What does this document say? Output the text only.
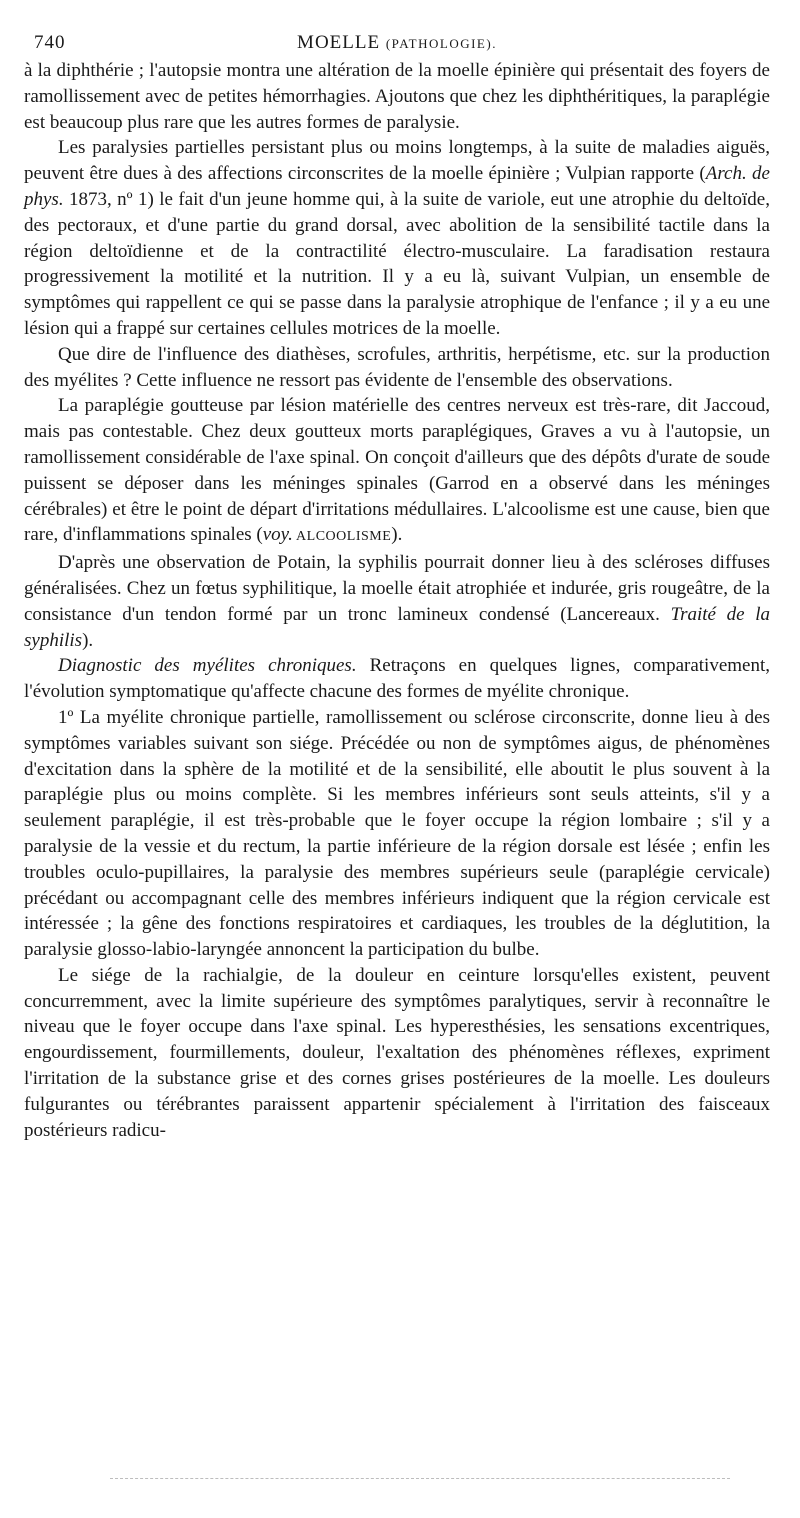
740	MOELLE (PATHOLOGIE).

à la diphthérie ; l'autopsie montra une altération de la moelle épinière qui présentait des foyers de ramollissement avec de petites hémorrhagies. Ajoutons que chez les diphthéritiques, la paraplégie est beaucoup plus rare que les autres formes de paralysie.

Les paralysies partielles persistant plus ou moins longtemps, à la suite de maladies aiguës, peuvent être dues à des affections circonscrites de la moelle épinière ; Vulpian rapporte (Arch. de phys. 1873, nº 1) le fait d'un jeune homme qui, à la suite de variole, eut une atrophie du deltoïde, des pectoraux, et d'une partie du grand dorsal, avec abolition de la sensibilité tactile dans la région deltoïdienne et de la contractilité électro-musculaire. La faradisation restaura progressivement la motilité et la nutrition. Il y a eu là, suivant Vulpian, un ensemble de symptômes qui rappellent ce qui se passe dans la paralysie atrophique de l'enfance ; il y a eu une lésion qui a frappé sur certaines cellules motrices de la moelle.

Que dire de l'influence des diathèses, scrofules, arthritis, herpétisme, etc. sur la production des myélites ? Cette influence ne ressort pas évidente de l'ensemble des observations.

La paraplégie goutteuse par lésion matérielle des centres nerveux est très-rare, dit Jaccoud, mais pas contestable. Chez deux goutteux morts paraplégiques, Graves a vu à l'autopsie, un ramollissement considérable de l'axe spinal. On conçoit d'ailleurs que des dépôts d'urate de soude puissent se déposer dans les méninges spinales (Garrod en a observé dans les méninges cérébrales) et être le point de départ d'irritations médullaires. L'alcoolisme est une cause, bien que rare, d'inflammations spinales (voy. ALCOOLISME).

D'après une observation de Potain, la syphilis pourrait donner lieu à des scléroses diffuses généralisées. Chez un fœtus syphilitique, la moelle était atrophiée et indurée, gris rougeâtre, de la consistance d'un tendon formé par un tronc lamineux condensé (Lancereaux. Traité de la syphilis).

Diagnostic des myélites chroniques. Retraçons en quelques lignes, comparativement, l'évolution symptomatique qu'affecte chacune des formes de myélite chronique.

1º La myélite chronique partielle, ramollissement ou sclérose circonscrite, donne lieu à des symptômes variables suivant son siége. Précédée ou non de symptômes aigus, de phénomènes d'excitation dans la sphère de la motilité et de la sensibilité, elle aboutit le plus souvent à la paraplégie plus ou moins complète. Si les membres inférieurs sont seuls atteints, s'il y a seulement paraplégie, il est très-probable que le foyer occupe la région lombaire ; s'il y a paralysie de la vessie et du rectum, la partie inférieure de la région dorsale est lésée ; enfin les troubles oculo-pupillaires, la paralysie des membres supérieurs seule (paraplégie cervicale) précédant ou accompagnant celle des membres inférieurs indiquent que la région cervicale est intéressée ; la gêne des fonctions respiratoires et cardiaques, les troubles de la déglutition, la paralysie glosso-labio-laryngée annoncent la participation du bulbe.

Le siége de la rachialgie, de la douleur en ceinture lorsqu'elles existent, peuvent concurremment, avec la limite supérieure des symptômes paralytiques, servir à reconnaître le niveau que le foyer occupe dans l'axe spinal. Les hyperesthésies, les sensations excentriques, engourdissement, fourmillements, douleur, l'exaltation des phénomènes réflexes, expriment l'irritation de la substance grise et des cornes grises postérieures de la moelle. Les douleurs fulgurantes ou térébrantes paraissent appartenir spécialement à l'irritation des faisceaux postérieurs radicu-
